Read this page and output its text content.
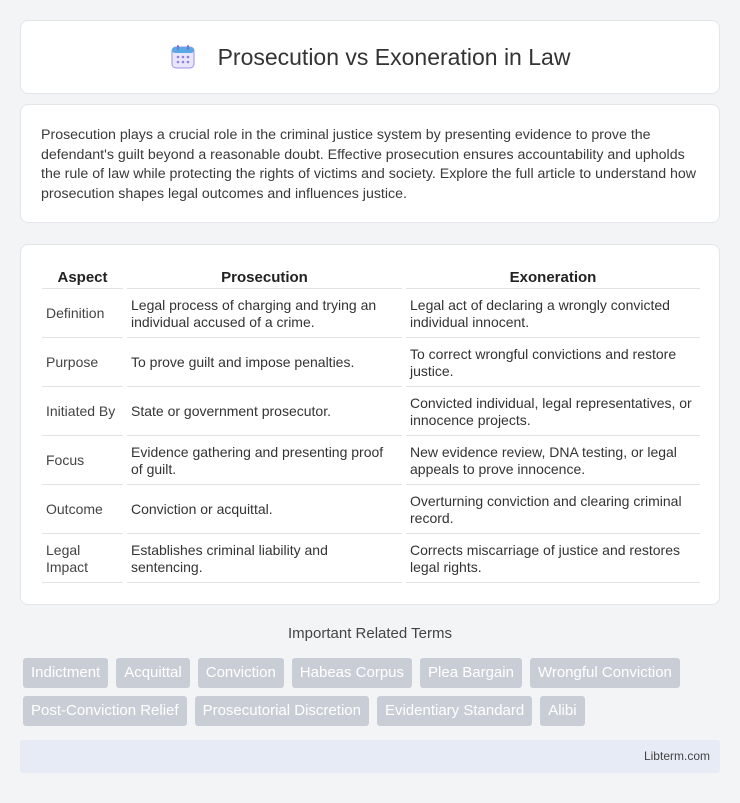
Prosecution vs Exoneration in Law

Prosecution plays a crucial role in the criminal justice system by presenting evidence to prove the defendant's guilt beyond a reasonable doubt. Effective prosecution ensures accountability and upholds the rule of law while protecting the rights of victims and society. Explore the full article to understand how prosecution shapes legal outcomes and influences justice.

Aspect	Prosecution	Exoneration
Definition	Legal process of charging and trying an individual accused of a crime.	Legal act of declaring a wrongly convicted individual innocent.
Purpose	To prove guilt and impose penalties.	To correct wrongful convictions and restore justice.
Initiated By	State or government prosecutor.	Convicted individual, legal representatives, or innocence projects.
Focus	Evidence gathering and presenting proof of guilt.	New evidence review, DNA testing, or legal appeals to prove innocence.
Outcome	Conviction or acquittal.	Overturning conviction and clearing criminal record.
Legal Impact	Establishes criminal liability and sentencing.	Corrects miscarriage of justice and restores legal rights.
Important Related Terms
Indictment	Acquittal	Conviction	Habeas Corpus	Plea Bargain	Wrongful Conviction
Post-Conviction Relief	Prosecutorial Discretion	Evidentiary Standard	Alibi
Libterm.com
